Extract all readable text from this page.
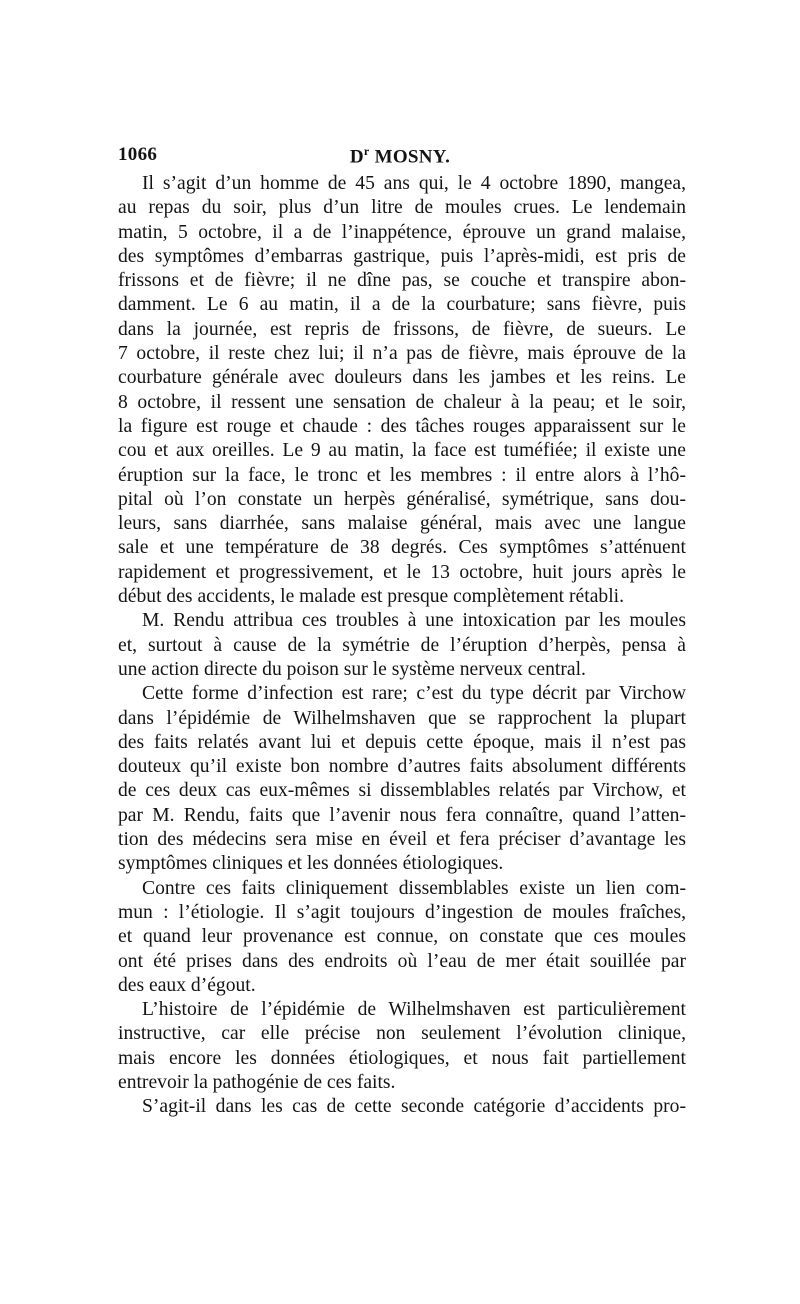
1066	$D^r$ MOSNY.
Il s’agit d’un homme de 45 ans qui, le 4 octobre 1890, mangea,
au repas du soir, plus d’un litre de moules crues. Le lendemain
matin, 5 octobre, il a de l’inappétence, éprouve un grand malaise,
des symptômes d’embarras gastrique, puis l’après-midi, est pris de
frissons et de fièvre; il ne dîne pas, se couche et transpire abon-
damment. Le 6 au matin, il a de la courbature; sans fièvre, puis
dans la journée, est repris de frissons, de fièvre, de sueurs. Le
7 octobre, il reste chez lui; il n’a pas de fièvre, mais éprouve de la
courbature générale avec douleurs dans les jambes et les reins. Le
8 octobre, il ressent une sensation de chaleur à la peau; et le soir,
la figure est rouge et chaude : des tâches rouges apparaissent sur le
cou et aux oreilles. Le 9 au matin, la face est tuméfiée; il existe une
éruption sur la face, le tronc et les membres : il entre alors à l’hô-
pital où l’on constate un herpès généralisé, symétrique, sans dou-
leurs, sans diarrhée, sans malaise général, mais avec une langue
sale et une température de 38 degrés. Ces symptômes s’atténuent
rapidement et progressivement, et le 13 octobre, huit jours après le
début des accidents, le malade est presque complètement rétabli.
M. Rendu attribua ces troubles à une intoxication par les moules
et, surtout à cause de la symétrie de l’éruption d’herpès, pensa à
une action directe du poison sur le système nerveux central.
Cette forme d’infection est rare; c’est du type décrit par Virchow
dans l’épidémie de Wilhelmshaven que se rapprochent la plupart
des faits relatés avant lui et depuis cette époque, mais il n’est pas
douteux qu’il existe bon nombre d’autres faits absolument différents
de ces deux cas eux-mêmes si dissemblables relatés par Virchow, et
par M. Rendu, faits que l’avenir nous fera connaître, quand l’atten-
tion des médecins sera mise en éveil et fera préciser d’avantage les
symptômes cliniques et les données étiologiques.
Contre ces faits cliniquement dissemblables existe un lien com-
mun : l’étiologie. Il s’agit toujours d’ingestion de moules fraîches,
et quand leur provenance est connue, on constate que ces moules
ont été prises dans des endroits où l’eau de mer était souillée par
des eaux d’égout.
L’histoire de l’épidémie de Wilhelmshaven est particulièrement
instructive, car elle précise non seulement l’évolution clinique,
mais encore les données étiologiques, et nous fait partiellement
entrevoir la pathogénie de ces faits.
S’agit-il dans les cas de cette seconde catégorie d’accidents pro-
